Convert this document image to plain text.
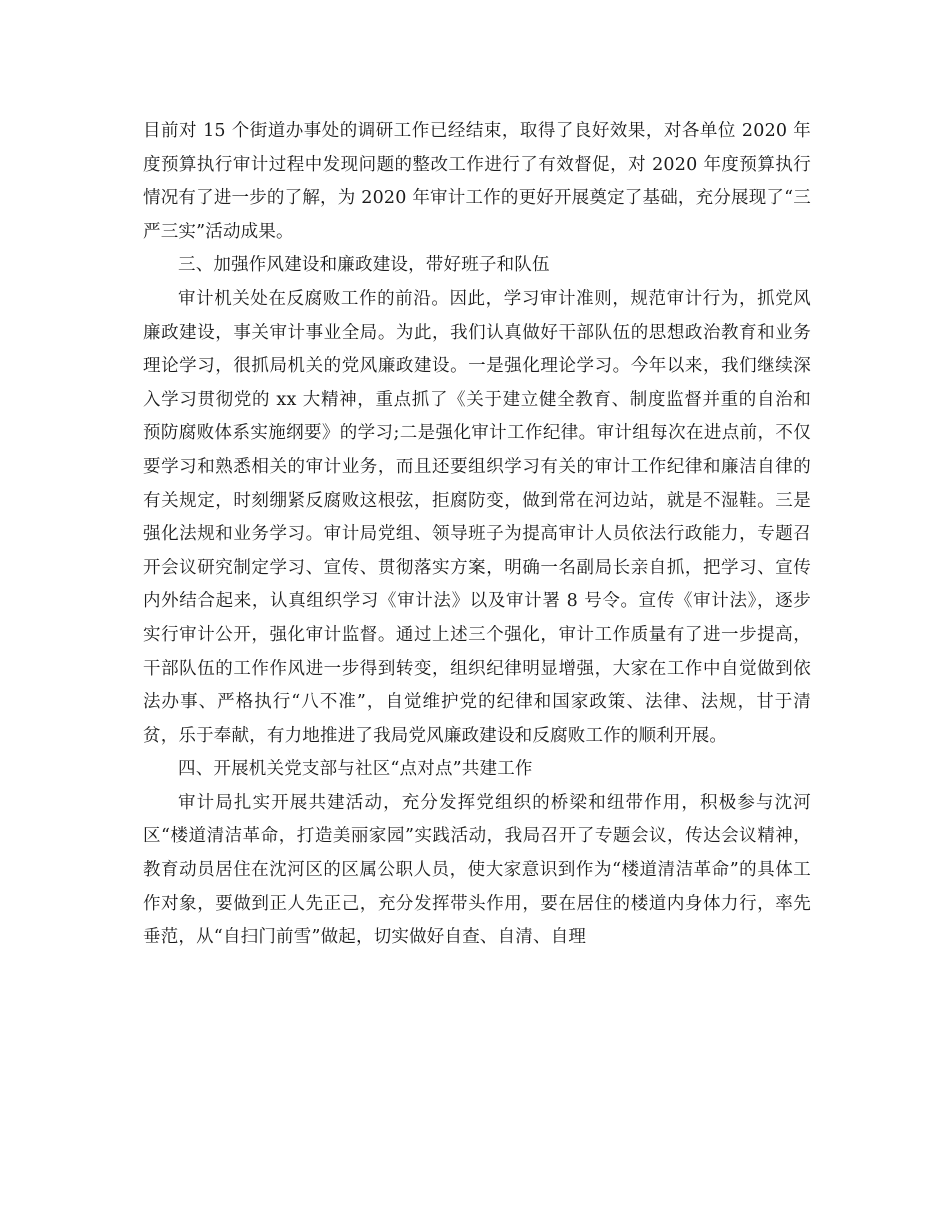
目前对 15 个街道办事处的调研工作已经结束，取得了良好效果，对各单位 2020 年度预算执行审计过程中发现问题的整改工作进行了有效督促，对 2020 年度预算执行情况有了进一步的了解，为 2020 年审计工作的更好开展奠定了基础，充分展现了“三严三实”活动成果。

三、加强作风建设和廉政建设，带好班子和队伍

审计机关处在反腐败工作的前沿。因此，学习审计准则，规范审计行为，抓党风廉政建设，事关审计事业全局。为此，我们认真做好干部队伍的思想政治教育和业务理论学习，很抓局机关的党风廉政建设。一是强化理论学习。今年以来，我们继续深入学习贯彻党的 xx 大精神，重点抓了《关于建立健全教育、制度监督并重的自治和预防腐败体系实施纲要》的学习;二是强化审计工作纪律。审计组每次在进点前，不仅要学习和熟悉相关的审计业务，而且还要组织学习有关的审计工作纪律和廉洁自律的有关规定，时刻绷紧反腐败这根弦，拒腐防变，做到常在河边站，就是不湿鞋。三是强化法规和业务学习。审计局党组、领导班子为提高审计人员依法行政能力，专题召开会议研究制定学习、宣传、贯彻落实方案，明确一名副局长亲自抓，把学习、宣传内外结合起来，认真组织学习《审计法》以及审计署 8 号令。宣传《审计法》，逐步实行审计公开，强化审计监督。通过上述三个强化，审计工作质量有了进一步提高，干部队伍的工作作风进一步得到转变，组织纪律明显增强，大家在工作中自觉做到依法办事、严格执行“八不准”，自觉维护党的纪律和国家政策、法律、法规，甘于清贫，乐于奉献，有力地推进了我局党风廉政建设和反腐败工作的顺利开展。

四、开展机关党支部与社区“点对点”共建工作

审计局扎实开展共建活动，充分发挥党组织的桥梁和纽带作用，积极参与沈河区“楼道清洁革命，打造美丽家园”实践活动，我局召开了专题会议，传达会议精神，教育动员居住在沈河区的区属公职人员，使大家意识到作为“楼道清洁革命”的具体工作对象，要做到正人先正己，充分发挥带头作用，要在居住的楼道内身体力行，率先垂范，从“自扫门前雪”做起，切实做好自查、自清、自理
